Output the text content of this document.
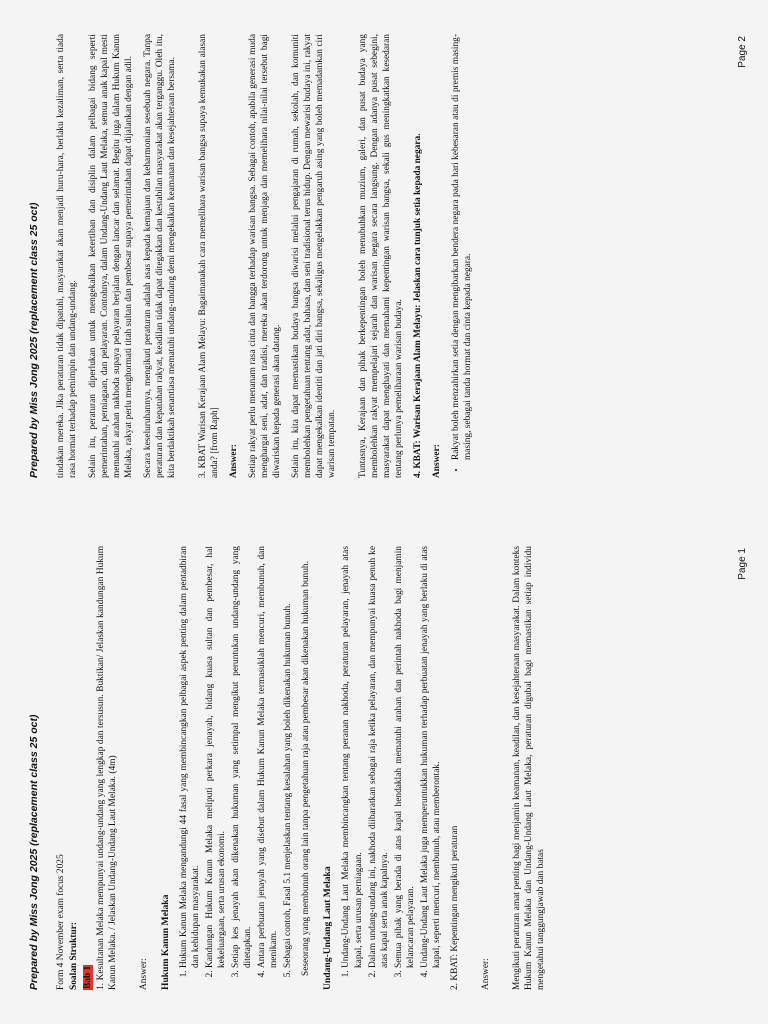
Prepared by Miss Jong 2025 (replacement class 25 oct) Form 4 November exam focus 2025 Soalan Struktur: Bab 1 1. Kesultanan Melaka mempunyai undang-undang yang lengkap dan tersusun. Buktikan/ Jelaskan kandungan Hukum Kanun Melaka. / Jelaskan Undang-Undang Laut Melaka. (4m) Answer: Hukum Kanun Melaka 1. Hukum Kanun Melaka mengandungi 44 fasal yang membincangkan pelbagai aspek penting dalam pentadbiran dan kehidupan masyarakat. 2. Kandungan Hukum Kanun Melaka meliputi perkara jenayah, bidang kuasa sultan dan pembesar, hal kekeluargaan, serta urusan ekonomi. 3. Setiap kes jenayah akan dikenakan hukuman yang setimpal mengikut peruntukan undang-undang yang ditetapkan. 4. Antara perbuatan jenayah yang disebut dalam Hukum Kanun Melaka termasuklah mencuri, membunuh, dan menikam. 5. Sebagai contoh, Fasal 5.1 menjelaskan tentang kesalahan yang boleh dikenakan hukuman bunuh. Seseorang yang membunuh orang lain tanpa pengetahuan raja atau pembesar akan dikenakan hukuman bunuh. Undang-Undang Laut Melaka 1. Undang-Undang Laut Melaka membincangkan tentang peranan nakhoda, peraturan pelayaran, jenayah atas kapal, serta urusan perniagaan. 2. Dalam undang-undang ini, nakhoda diibaratkan sebagai raja ketika pelayaran, dan mempunyai kuasa penuh ke atas kapal serta anak kapalnya. 3. Semua pihak yang berada di atas kapal hendaklah mematuhi arahan dan perintah nakhoda bagi menjamin kelancaran pelayaran. 4. Undang-Undang Laut Melaka juga memperuntukkan hukuman terhadap perbuatan jenayah yang berlaku di atas kapal, seperti mencuri, membunuh, atau memberontak. 2. KBAT: Kepentingan mengikuti peraturan Answer: Mengikuti peraturan amat penting bagi menjamin keamanan, keadilan, dan kesejahteraan masyarakat. Dalam konteks Hukum Kanun Melaka dan Undang-Undang Laut Melaka, peraturan digubal bagi memastikan setiap individu mengetahui tanggungjawab dan batas

Page 1
Prepared by Miss Jong 2025 (replacement class 25 oct) tindakan mereka. Jika peraturan tidak dipatuhi, masyarakat akan menjadi huru-hara, berlaku kezaliman, serta tiada rasa hormat terhadap pemimpin dan undang-undang. Selain itu, peraturan diperlukan untuk mengekalkan ketertiban dan disiplin dalam pelbagai bidang seperti pemerintahan, perniagaan, dan pelayaran. Contohnya, dalam Undang-Undang Laut Melaka, semua anak kapal mesti mematuhi arahan nakhoda supaya pelayaran berjalan dengan lancar dan selamat. Begitu juga dalam Hukum Kanun Melaka, rakyat perlu menghormati titah sultan dan pembesar supaya pemerintahan dapat dijalankan dengan adil. Secara keseluruhannya, mengikuti peraturan adalah asas kepada kemajuan dan keharmonian sesebuah negara. Tanpa peraturan dan kepatuhan rakyat, keadilan tidak dapat ditegakkan dan kestabilan masyarakat akan terganggu. Oleh itu, kita berdaktikah senantiasa mematuhi undang-undang demi mengekalkan keamanan dan kesejahteraan bersama. 3. KBAT Warisan Kerajaan Alam Melayu: Bagaimanakah cara memelihara warisan bangsa supaya kemukakan alasan anda? [from Raph] Answer: Setiap rakyat perlu menanam rasa cinta dan bangga terhadap warisan bangsa. Sebagai contoh, apabila generasi muda menghargai seni, adat, dan tradisi, mereka akan terdorong untuk menjaga dan memelihara nilai-nilai tersebut bagi diwariskan kepada generasi akan datang. Selain itu, kita dapat memastikan budaya bangsa diwarisi melalui pengajaran di rumah, sekolah, dan komuniti membolehkan pengetahuan tentang adat, bahasa, dan seni tradisional terus hidup. Dengan mewarisi budaya ini, rakyat dapat mengekalkan identiti dan jati diri bangsa, sekaligus mengelakkan pengaruh asing yang boleh memadamkan ciri warisan tempatan. Tuntasnya, Kerajaan dan pihak berkepentingan boleh menubuhkan muzium, galeri, dan pusat budaya yang membolehkan rakyat mempelajari sejarah dan warisan negara secara langsung. Dengan adanya pusat sebegini, masyarakat dapat menghayati dan memahami kepentingan warisan bangsa, sekali gus meningkatkan kesedaran tentang perlunya pemeliharaan warisan budaya. 4. KBAT: Warisan Kerajaan Alam Melayu: Jelaskan cara tunjuk setia kepada negara. Answer:

• Rakyat boleh menzahirkan setia dengan mengibarkan bendera negara pada hari kebesaran atau di premis masing-masing, sebagai tanda hormat dan cinta kepada negara.
Page 2
